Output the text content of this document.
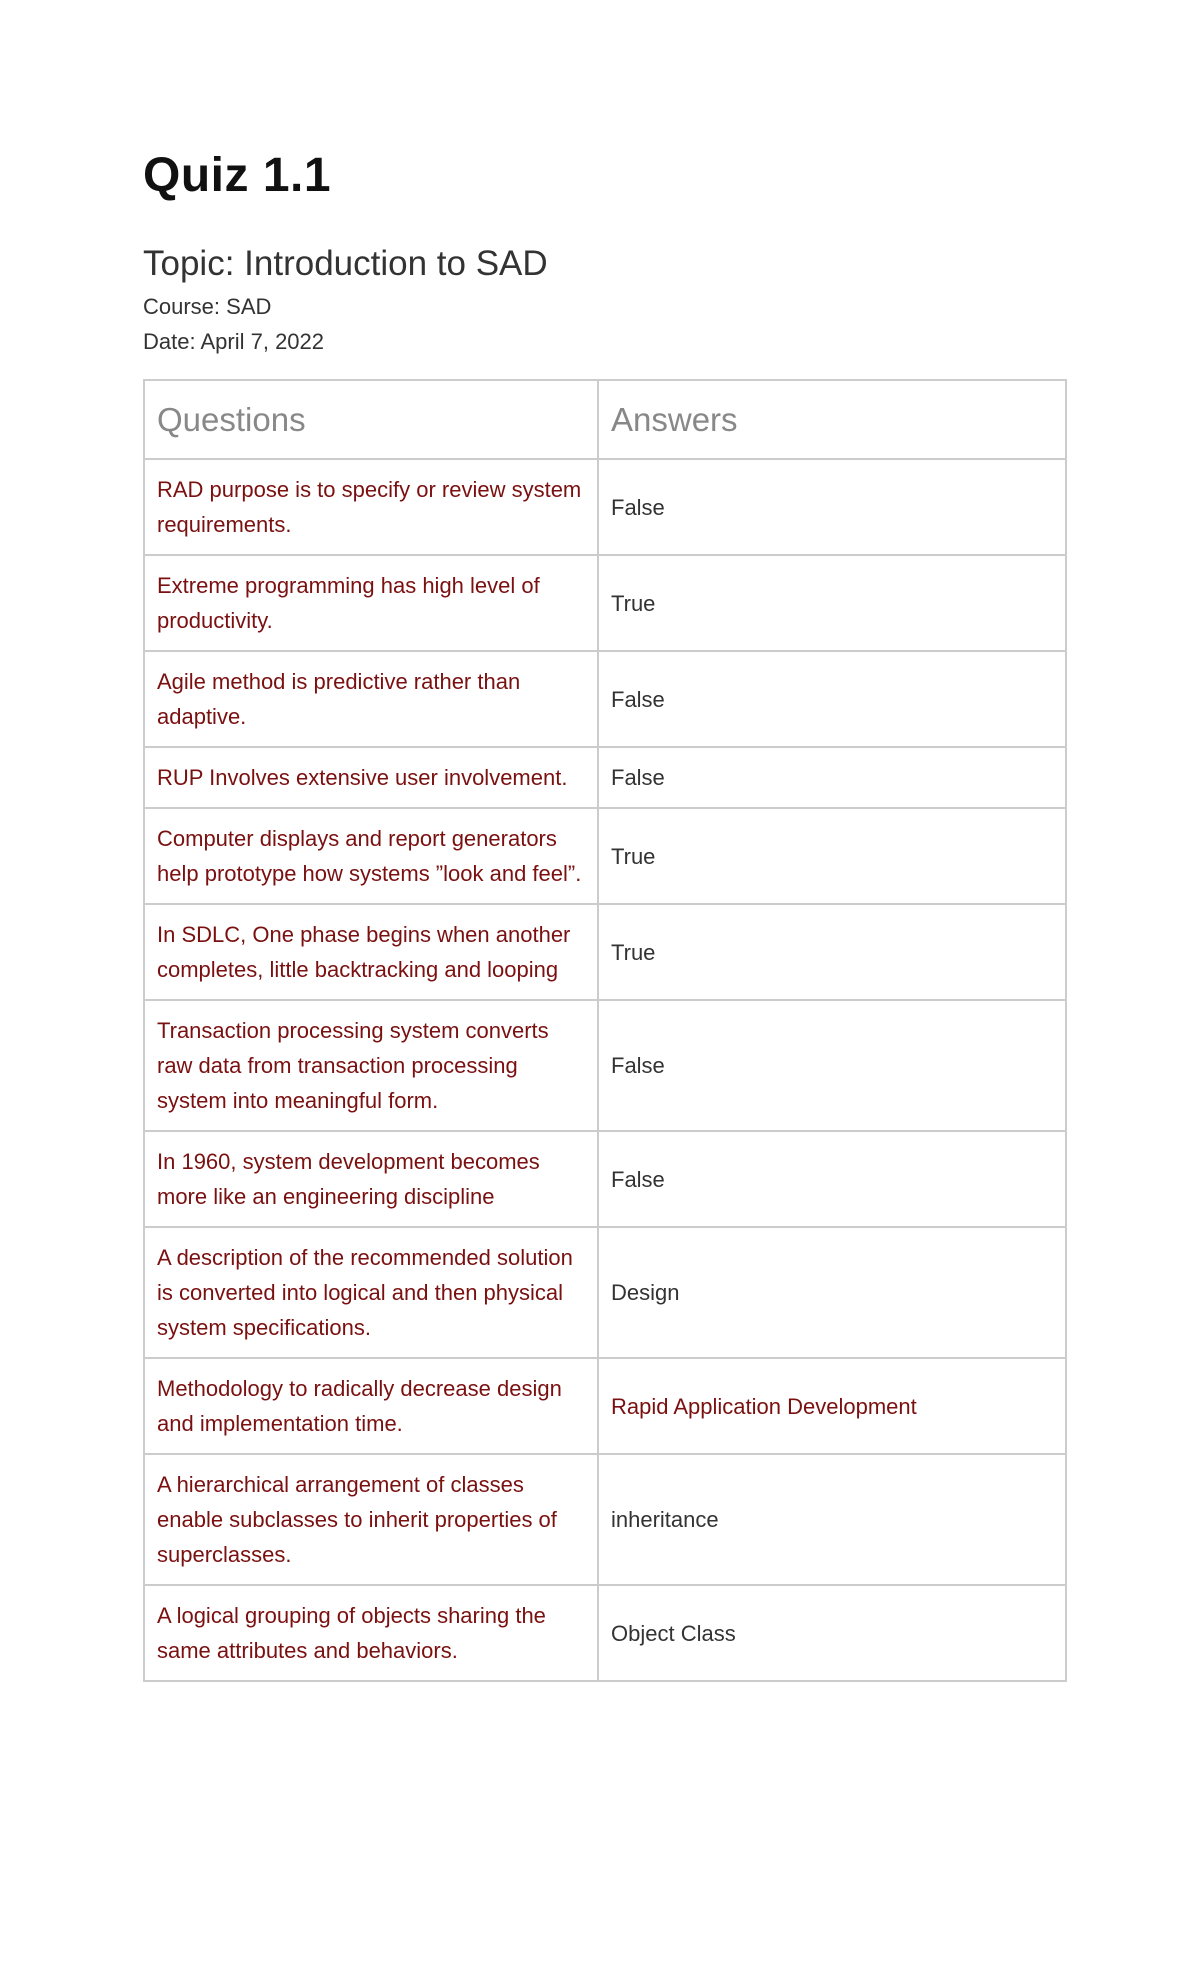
Quiz 1.1
Topic: Introduction to SAD

Course: SAD

Date: April 7, 2022

Questions	Answers
RAD purpose is to specify or review system requirements.	False
Extreme programming has high level of productivity.	True
Agile method is predictive rather than adaptive.	False
RUP Involves extensive user involvement.	False
Computer displays and report generators help prototype how systems ”look and feel”.	True
In SDLC, One phase begins when another completes, little backtracking and looping	True
Transaction processing system converts raw data from transaction processing system into meaningful form.	False
In 1960, system development becomes more like an engineering discipline	False
A description of the recommended solution is converted into logical and then physical system specifications.	Design
Methodology to radically decrease design and implementation time.	Rapid Application Development
A hierarchical arrangement of classes enable subclasses to inherit properties of superclasses.	inheritance
A logical grouping of objects sharing the same attributes and behaviors.	Object Class
